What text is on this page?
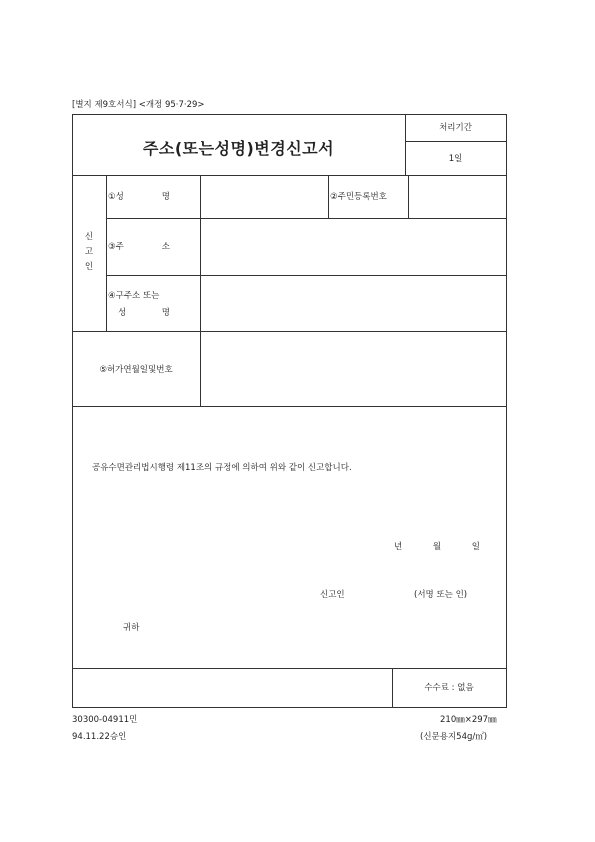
[별지 제9호서식] <개정 95·7·29>
주소(또는성명)변경신고서
처리기간
1일
신
고
인
①성	명	②주민등록번호
③주	소
④구주소 또는
성	명
⑤허가연월일및번호
공유수면관리법시행령 제11조의 규정에 의하여 위와 같이 신고합니다.
년	월	일
신고인	(서명 또는 인)
귀하
수수료 : 없음
30300-04911민	210㎜×297㎜
94.11.22승인	(신문용지54g/㎡)
